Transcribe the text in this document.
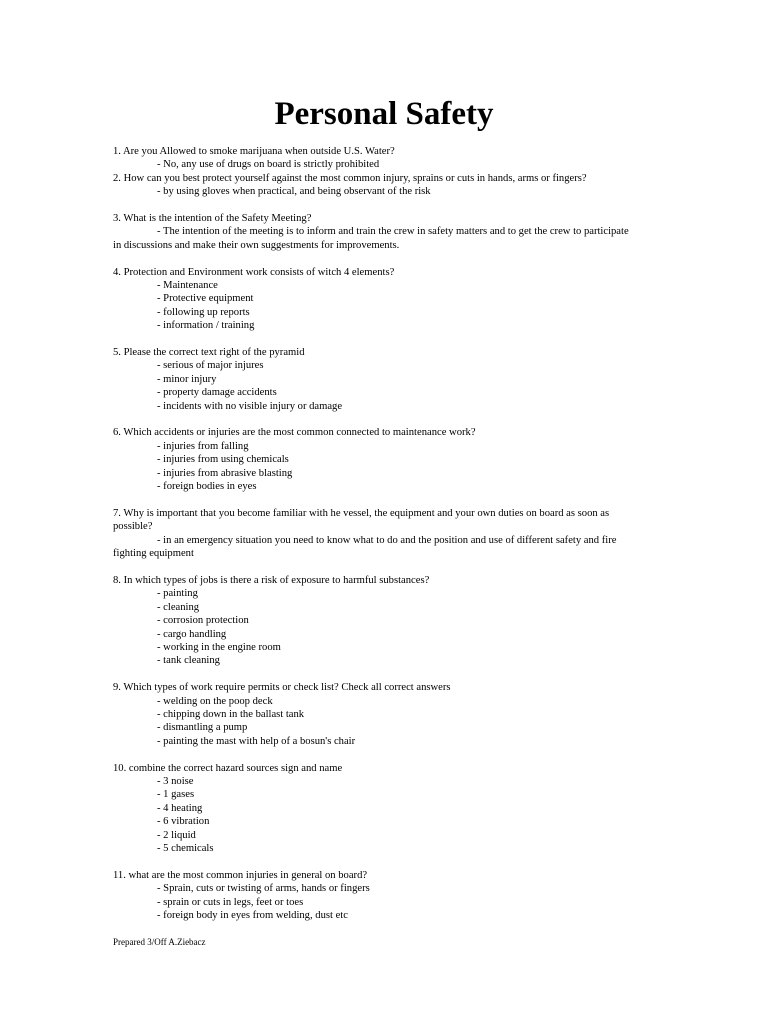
Personal Safety

1. Are you Allowed to smoke marijuana when outside U.S. Water?

- No, any use of drugs on board is strictly prohibited

2. How can you best protect yourself against the most common injury, sprains or cuts in hands, arms or fingers?

- by using gloves when practical, and being observant of the risk

3. What is the intention of the Safety Meeting?

- The intention of the meeting is to inform and train the crew in safety matters and to get the crew to participate in discussions and make their own suggestments for improvements.

4. Protection and Environment work consists of witch 4 elements?

- Maintenance

- Protective equipment

- following up reports

- information / training

5. Please the correct text right of the pyramid

- serious of major injures

- minor injury

- property damage accidents

- incidents with no visible injury or damage

6. Which accidents or injuries are the most common connected to maintenance work?

- injuries from falling

- injuries from using chemicals

- injuries from abrasive blasting

- foreign bodies in eyes

7. Why is important that you become familiar with he vessel, the equipment and your own duties on board as soon as possible?

- in an emergency situation you need to know what to do and the position and use of different safety and fire fighting equipment

8. In which types of jobs is there a risk of exposure to harmful substances?

- painting

- cleaning

- corrosion protection

- cargo handling

- working in the engine room

- tank cleaning

9. Which types of work require permits or check list? Check all correct answers

- welding on the poop deck

- chipping down in the ballast tank

- dismantling a pump

- painting the mast with help of a bosun's chair

10. combine the correct hazard sources sign and name

- 3 noise

- 1 gases

- 4 heating

- 6 vibration

- 2 liquid

- 5 chemicals

11. what are the most common injuries in general on board?

- Sprain, cuts or twisting of arms, hands or fingers

- sprain or cuts in legs, feet or toes

- foreign body in eyes from welding, dust etc

Prepared 3/Off A.Ziebacz
